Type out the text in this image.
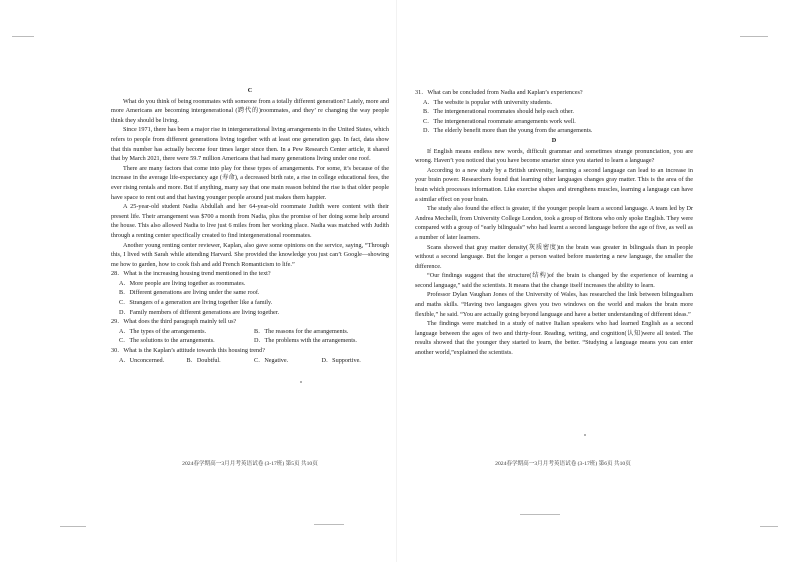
C

What do you think of being roommates with someone from a totally different generation? Lately, more and more Americans are becoming intergenerational (跨代的)roommates, and they’ re changing the way people think they should be living.

Since 1971, there has been a major rise in intergenerational living arrangements in the United States, which refers to people from different generations living together with at least one generation gap. In fact, data show that this number has actually become four times larger since then. In a Pew Research Center article, it shared that by March 2021, there were 59.7 million Americans that had many generations living under one roof.

There are many factors that come into play for these types of arrangements. For some, it’s because of the increase in the average life-expectancy age (寿命), a decreased birth rate, a rise in college educational fees, the ever rising rentals and more. But if anything, many say that one main reason behind the rise is that older people have space to rent out and that having younger people around just makes them happier.

A 25-year-old student Nadia Abdullah and her 64-year-old roommate Judith were content with their present life. Their arrangement was $700 a month from Nadia, plus the promise of her doing some help around the house. This also allowed Nadia to live just 6 miles from her working place. Nadia was matched with Judith through a renting center specifically created to find intergenerational roommates.

Another young renting center reviewer, Kaplan, also gave some opinions on the service, saying, “Through this, I lived with Sarah while attending Harvard. She provided the knowledge you just can’t Google—showing me how to garden, how to cook fish and add French Romanticism to life.”

28．What is the increasing housing trend mentioned in the text?

A．More people are living together as roommates.

B．Different generations are living under the same roof.

C．Strangers of a generation are living together like a family.

D．Family members of different generations are living together.

29．What does the third paragraph mainly tell us?

A．The types of the arrangements.	B．The reasons for the arrangements.
C．The solutions to the arrangements.	D．The problems with the arrangements.

30．What is the Kaplan’s attitude towards this housing trend?

A．Unconcerned.	B．Doubtful.	C．Negative.	D．Supportive.
2024春学期高一3月月考英语试卷 (3-17班) 第5页 共10页

31．What can be concluded from Nadia and Kaplan’s experiences?

A．The website is popular with university students.

B．The intergenerational roommates should help each other.

C．The intergenerational roommate arrangements work well.

D．The elderly benefit more than the young from the arrangements.

D

If English means endless new words, difficult grammar and sometimes strange pronunciation, you are wrong. Haven’t you noticed that you have become smarter since you started to learn a language?

According to a new study by a British university, learning a second language can lead to an increase in your brain power. Researchers found that learning other languages changes gray matter. This is the area of the brain which processes information. Like exercise shapes and strengthens muscles, learning a language can have a similar effect on your brain.

The study also found the effect is greater, if the younger people learn a second language. A team led by Dr Andrea Mechelli, from University College London, took a group of Britons who only spoke English. They were compared with a group of “early bilinguals” who had learnt a second language before the age of five, as well as a number of later learners.

Scans showed that gray matter density(灰质密度)in the brain was greater in bilinguals than in people without a second language. But the longer a person waited before mastering a new language, the smaller the difference.

“Our findings suggest that the structure(结构)of the brain is changed by the experience of learning a second language,” said the scientists. It means that the change itself increases the ability to learn.

Professor Dylan Vaughan Jones of the University of Wales, has researched the link between bilingualism and maths skills. “Having two languages gives you two windows on the world and makes the brain more flexible,” he said. “You are actually going beyond language and have a better understanding of different ideas.”

The findings were matched in a study of native Italian speakers who had learned English as a second language between the ages of two and thirty-four. Reading, writing, and cognition(认知)were all tested. The results showed that the younger they started to learn, the better. “Studying a language means you can enter another world,”explained the scientists.

2024春学期高一3月月考英语试卷 (3-17班) 第6页 共10页
